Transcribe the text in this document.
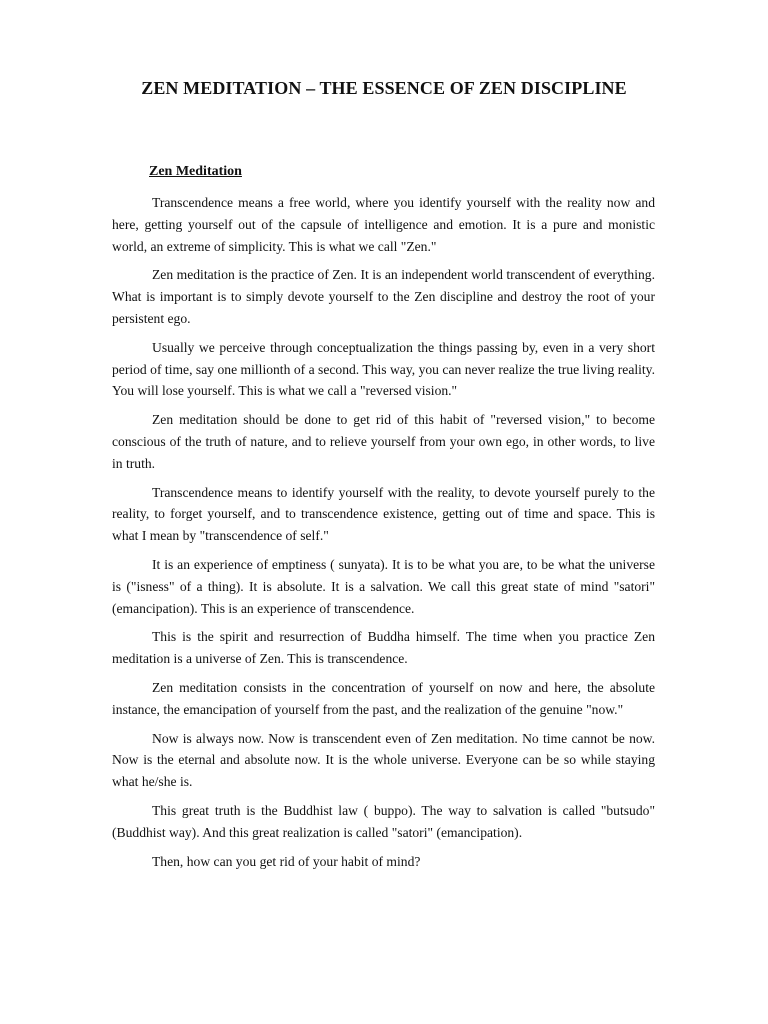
ZEN MEDITATION – THE ESSENCE OF ZEN DISCIPLINE
Zen Meditation

Transcendence means a free world, where you identify yourself with the reality now and here, getting yourself out of the capsule of intelligence and emotion. It is a pure and monistic world, an extreme of simplicity. This is what we call "Zen."

Zen meditation is the practice of Zen. It is an independent world transcendent of everything. What is important is to simply devote yourself to the Zen discipline and destroy the root of your persistent ego.

Usually we perceive through conceptualization the things passing by, even in a very short period of time, say one millionth of a second. This way, you can never realize the true living reality. You will lose yourself. This is what we call a "reversed vision."

Zen meditation should be done to get rid of this habit of "reversed vision," to become conscious of the truth of nature, and to relieve yourself from your own ego, in other words, to live in truth.

Transcendence means to identify yourself with the reality, to devote yourself purely to the reality, to forget yourself, and to transcendence existence, getting out of time and space. This is what I mean by "transcendence of self."

It is an experience of emptiness ( sunyata). It is to be what you are, to be what the universe is ("isness" of a thing). It is absolute. It is a salvation. We call this great state of mind "satori" (emancipation). This is an experience of transcendence.

This is the spirit and resurrection of Buddha himself. The time when you practice Zen meditation is a universe of Zen. This is transcendence.

Zen meditation consists in the concentration of yourself on now and here, the absolute instance, the emancipation of yourself from the past, and the realization of the genuine "now."

Now is always now. Now is transcendent even of Zen meditation. No time cannot be now. Now is the eternal and absolute now. It is the whole universe. Everyone can be so while staying what he/she is.

This great truth is the Buddhist law ( buppo). The way to salvation is called "butsudo" (Buddhist way). And this great realization is called "satori" (emancipation).

Then, how can you get rid of your habit of mind?
